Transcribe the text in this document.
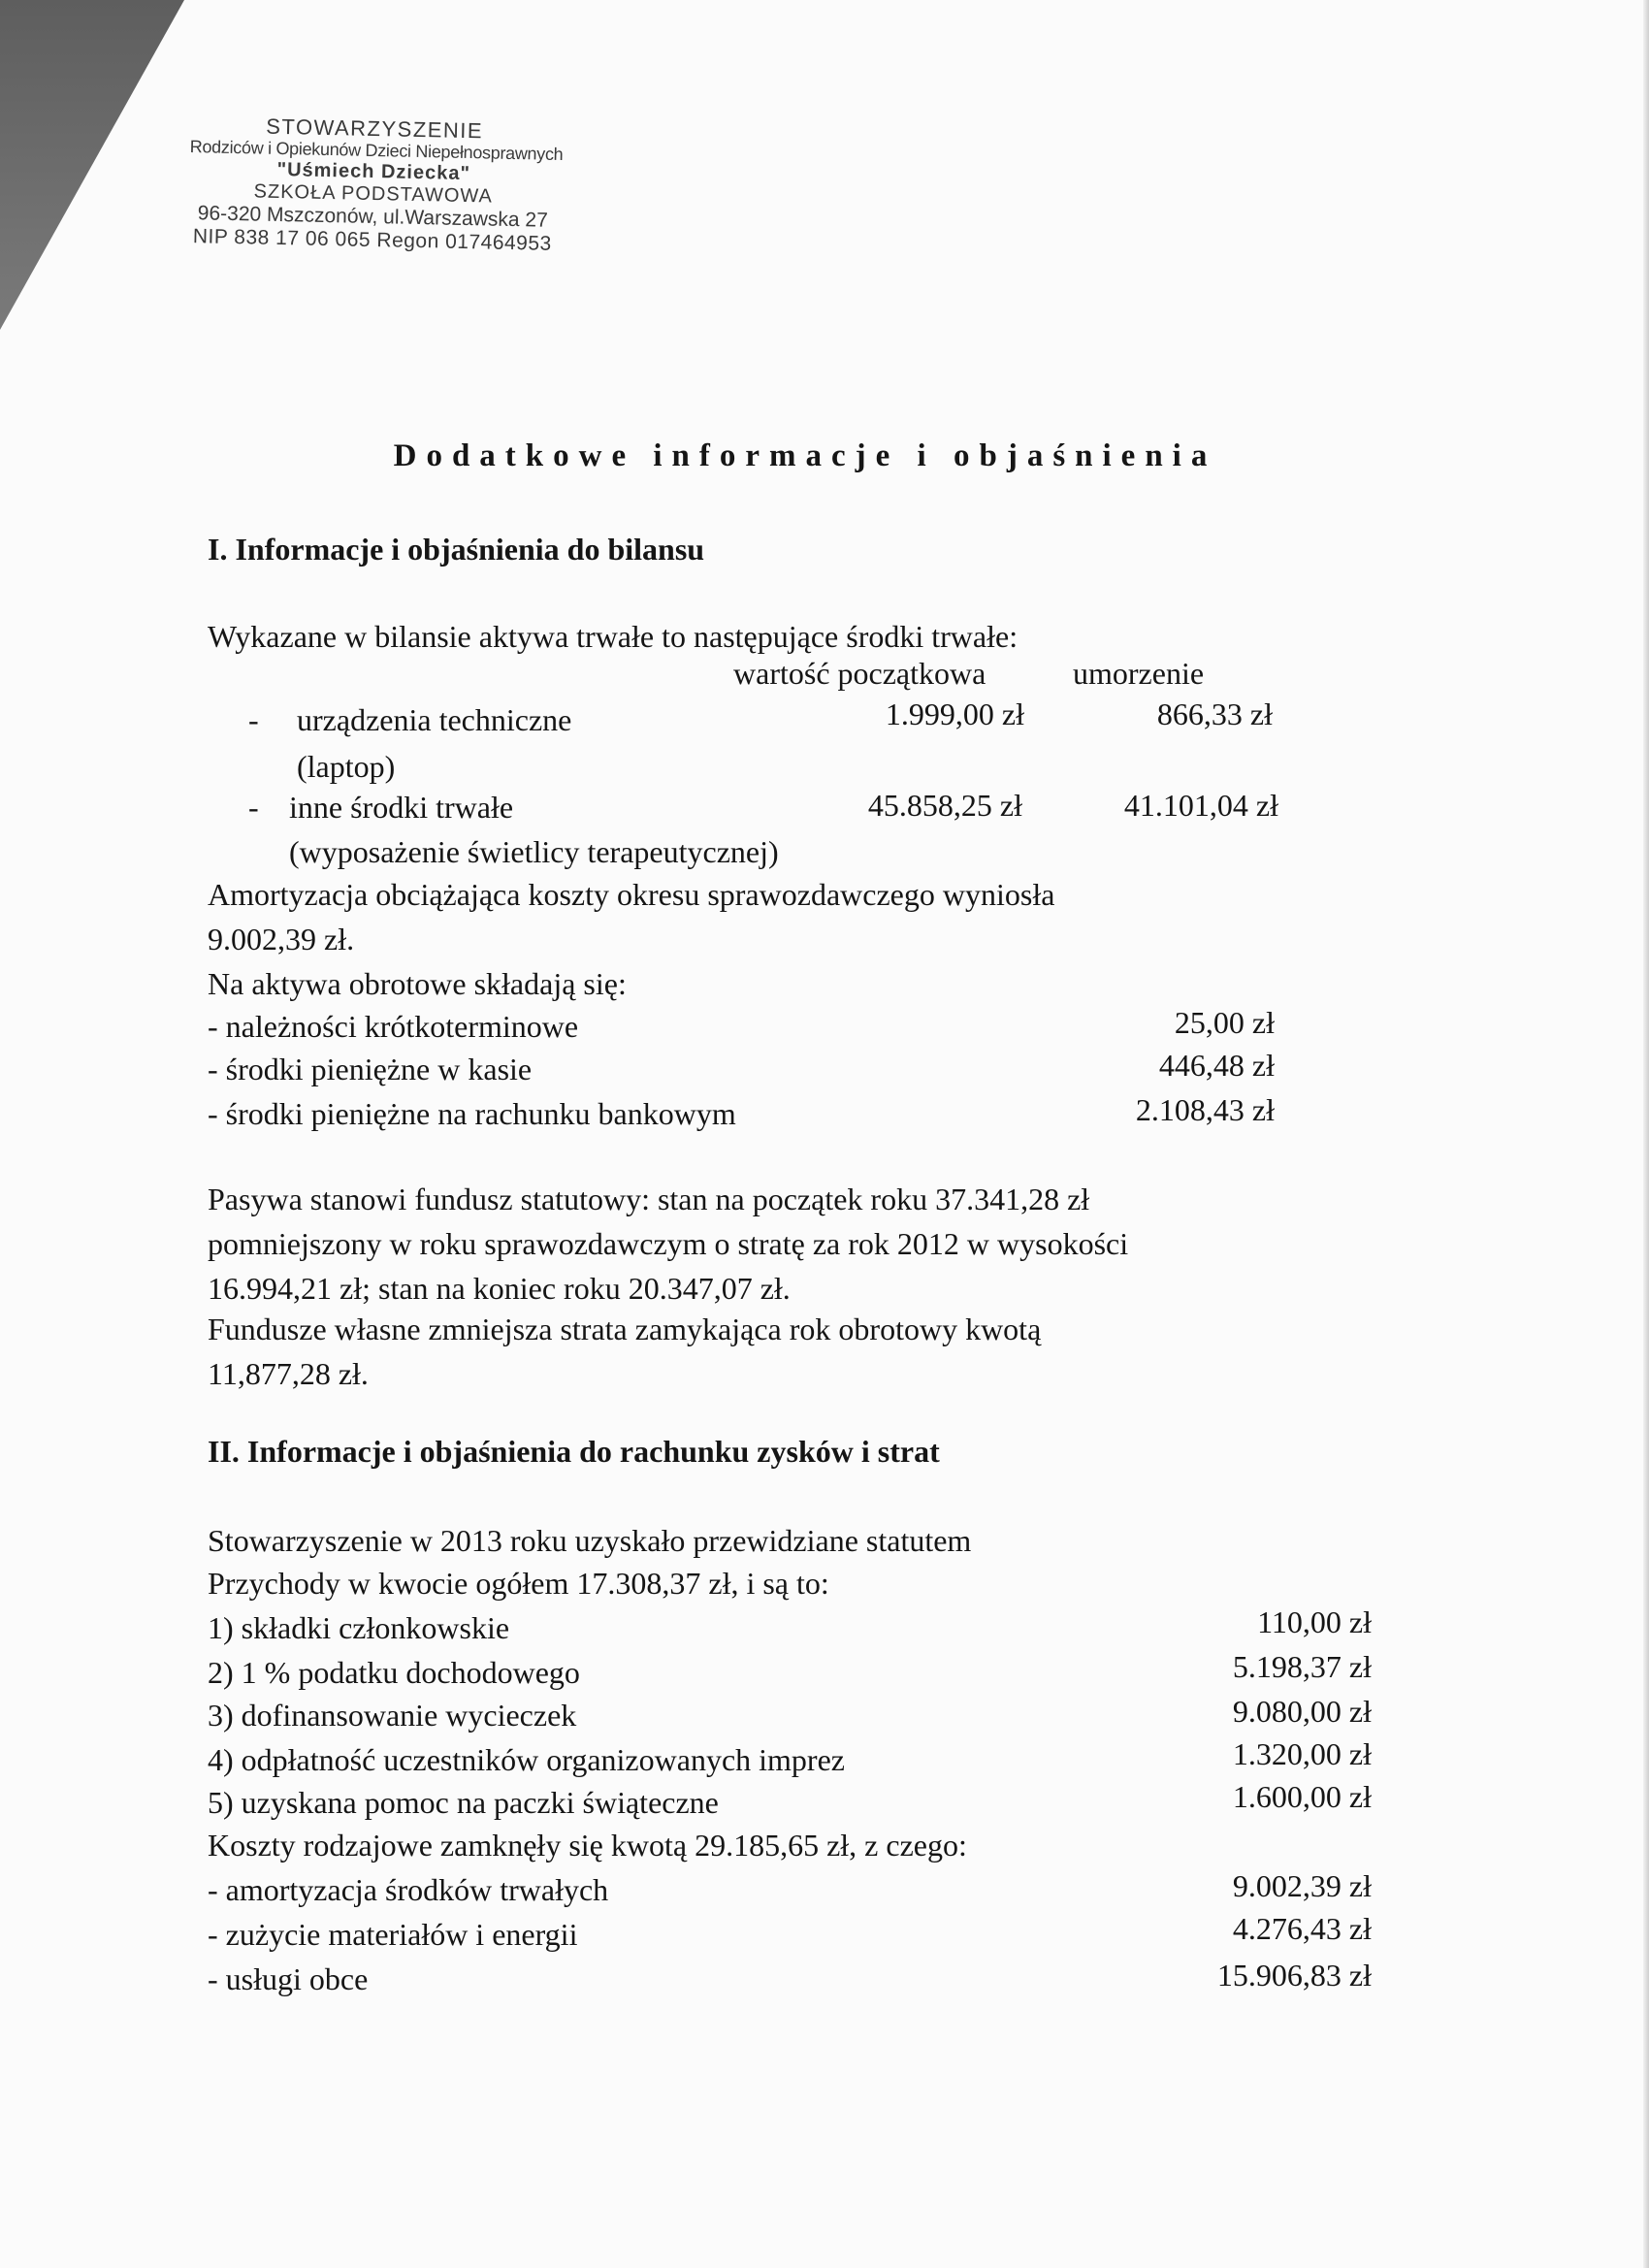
STOWARZYSZENIE
Rodziców i Opiekunów Dzieci Niepełnosprawnych
"Uśmiech Dziecka"
SZKOŁA PODSTAWOWA
96-320 Mszczonów, ul.Warszawska 27
NIP 838 17 06 065 Regon 017464953
Dodatkowe informacje i objaśnienia
I. Informacje i objaśnienia do bilansu
Wykazane w bilansie aktywa trwałe to następujące środki trwałe:
wartość początkowa	umorzenie
- urządzenia techniczne	1.999,00 zł	866,33 zł
(laptop)
- inne środki trwałe	45.858,25 zł	41.101,04 zł
(wyposażenie świetlicy terapeutycznej)
Amortyzacja obciążająca koszty okresu sprawozdawczego wyniosła
9.002,39 zł.
Na aktywa obrotowe składają się:
- należności krótkoterminowe	25,00 zł
- środki pieniężne w kasie	446,48 zł
- środki pieniężne na rachunku bankowym	2.108,43 zł
Pasywa stanowi fundusz statutowy: stan na początek roku 37.341,28 zł
pomniejszony w roku sprawozdawczym o stratę za rok 2012 w wysokości
16.994,21 zł; stan na koniec roku 20.347,07 zł.
Fundusze własne zmniejsza strata zamykająca rok obrotowy kwotą
11,877,28 zł.
II. Informacje i objaśnienia do rachunku zysków i strat
Stowarzyszenie w 2013 roku uzyskało przewidziane statutem
Przychody w kwocie ogółem 17.308,37 zł, i są to:
1) składki członkowskie	110,00 zł
2) 1 % podatku dochodowego	5.198,37 zł
3) dofinansowanie wycieczek	9.080,00 zł
4) odpłatność uczestników organizowanych imprez	1.320,00 zł
5) uzyskana pomoc na paczki świąteczne	1.600,00 zł
Koszty rodzajowe zamknęły się kwotą 29.185,65 zł, z czego:
- amortyzacja środków trwałych	9.002,39 zł
- zużycie materiałów i energii	4.276,43 zł
- usługi obce	15.906,83 zł
